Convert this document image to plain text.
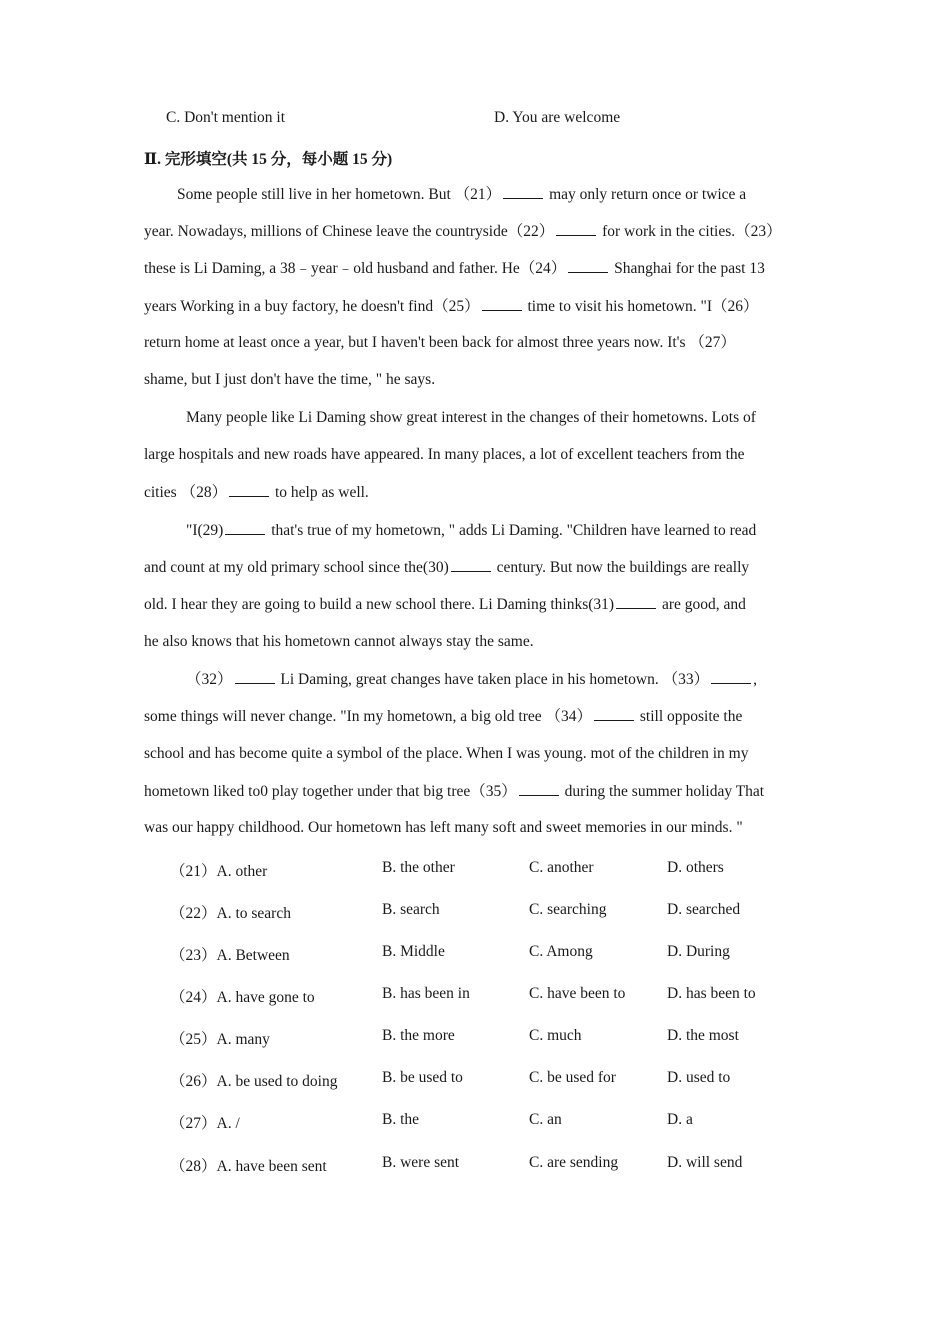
C. Don't mention it	D. You are welcome
Ⅱ. 完形填空(共 15 分，每小题 15 分)
Some people still live in her hometown. But （21）	may only return once or twice a
year. Nowadays, millions of Chinese leave the countryside（22）	for work in the cities.（23）
these is Li Daming, a 38﹣year﹣old husband and father. He（24）	Shanghai for the past 13
years Working in a buy factory, he doesn't find（25）	time to visit his hometown. "I（26）
return home at least once a year, but I haven't been back for almost three years now. It's （27）
shame, but I just don't have the time, " he says.
Many people like Li Daming show great interest in the changes of their hometowns. Lots of
large hospitals and new roads have appeared. In many places, a lot of excellent teachers from the
cities （28）	to help as well.
"I(29)	that's true of my hometown, " adds Li Daming. "Children have learned to read
and count at my old primary school since the(30)	century. But now the buildings are really
old. I hear they are going to build a new school there. Li Daming thinks(31)	are good, and
he also knows that his hometown cannot always stay the same.
（32）	Li Daming, great changes have taken place in his hometown. （33）	,
some things will never change. "In my hometown, a big old tree （34）	still opposite the
school and has become quite a symbol of the place. When I was young. mot of the children in my
hometown liked to0 play together under that big tree（35）	during the summer holiday That
was our happy childhood. Our hometown has left many soft and sweet memories in our minds. "
（21）A. other	B. the other	C. another	D. others
（22）A. to search	B. search	C. searching	D. searched
（23）A. Between	B. Middle	C. Among	D. During
（24）A. have gone to	B. has been in	C. have been to	D. has been to
（25）A. many	B. the more	C. much	D. the most
（26）A. be used to doing	B. be used to	C. be used for	D. used to
（27）A. /	B. the	C. an	D. a
（28）A. have been sent	B. were sent	C. are sending	D. will send
